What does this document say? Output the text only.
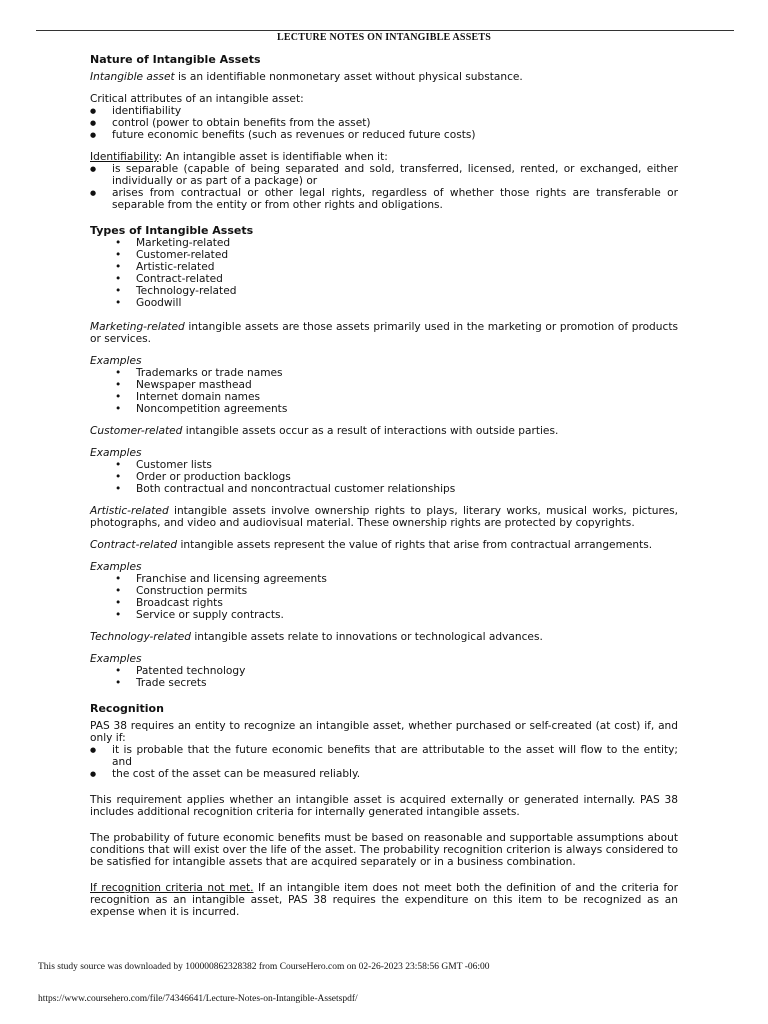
LECTURE NOTES ON INTANGIBLE ASSETS
Nature of Intangible Assets

Intangible asset is an identifiable nonmonetary asset without physical substance.

Critical attributes of an intangible asset:

● identifiability
● control (power to obtain benefits from the asset)
● future economic benefits (such as revenues or reduced future costs)

Identifiability: An intangible asset is identifiable when it:

● is separable (capable of being separated and sold, transferred, licensed, rented, or exchanged, either individually or as part of a package) or
● arises from contractual or other legal rights, regardless of whether those rights are transferable or separable from the entity or from other rights and obligations.
Types of Intangible Assets
• Marketing-related
• Customer-related
• Artistic-related
• Contract-related
• Technology-related
• Goodwill

Marketing-related intangible assets are those assets primarily used in the marketing or promotion of products or services.

Examples
• Trademarks or trade names
• Newspaper masthead
• Internet domain names
• Noncompetition agreements

Customer-related intangible assets occur as a result of interactions with outside parties.

Examples
• Customer lists
• Order or production backlogs
• Both contractual and noncontractual customer relationships

Artistic-related intangible assets involve ownership rights to plays, literary works, musical works, pictures, photographs, and video and audiovisual material. These ownership rights are protected by copyrights.

Contract-related intangible assets represent the value of rights that arise from contractual arrangements.

Examples
• Franchise and licensing agreements
• Construction permits
• Broadcast rights
• Service or supply contracts.

Technology-related intangible assets relate to innovations or technological advances.

Examples
• Patented technology
• Trade secrets
Recognition

PAS 38 requires an entity to recognize an intangible asset, whether purchased or self-created (at cost) if, and only if:

● it is probable that the future economic benefits that are attributable to the asset will flow to the entity; and
● the cost of the asset can be measured reliably.

This requirement applies whether an intangible asset is acquired externally or generated internally. PAS 38 includes additional recognition criteria for internally generated intangible assets.

The probability of future economic benefits must be based on reasonable and supportable assumptions about conditions that will exist over the life of the asset. The probability recognition criterion is always considered to be satisfied for intangible assets that are acquired separately or in a business combination.

If recognition criteria not met. If an intangible item does not meet both the definition of and the criteria for recognition as an intangible asset, PAS 38 requires the expenditure on this item to be recognized as an expense when it is incurred.

This study source was downloaded by 100000862328382 from CourseHero.com on 02-26-2023 23:58:56 GMT -06:00
https://www.coursehero.com/file/74346641/Lecture-Notes-on-Intangible-Assetspdf/
